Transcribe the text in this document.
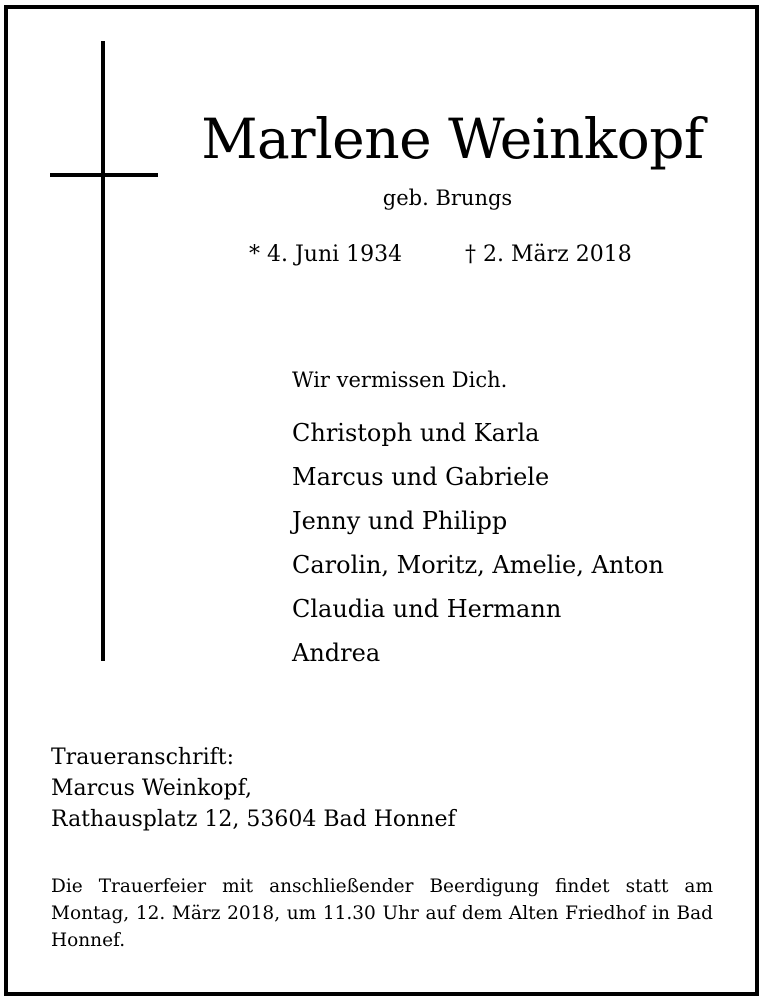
Marlene Weinkopf
geb. Brungs
* 4. Juni 1934	† 2. März 2018
Wir vermissen Dich.
Christoph und Karla
Marcus und Gabriele
Jenny und Philipp
Carolin, Moritz, Amelie, Anton
Claudia und Hermann
Andrea
Traueranschrift:
Marcus Weinkopf,
Rathausplatz 12, 53604 Bad Honnef
Die Trauerfeier mit anschließender Beerdigung findet statt am Montag, 12. März 2018, um 11.30 Uhr auf dem Alten Friedhof in Bad Honnef.
